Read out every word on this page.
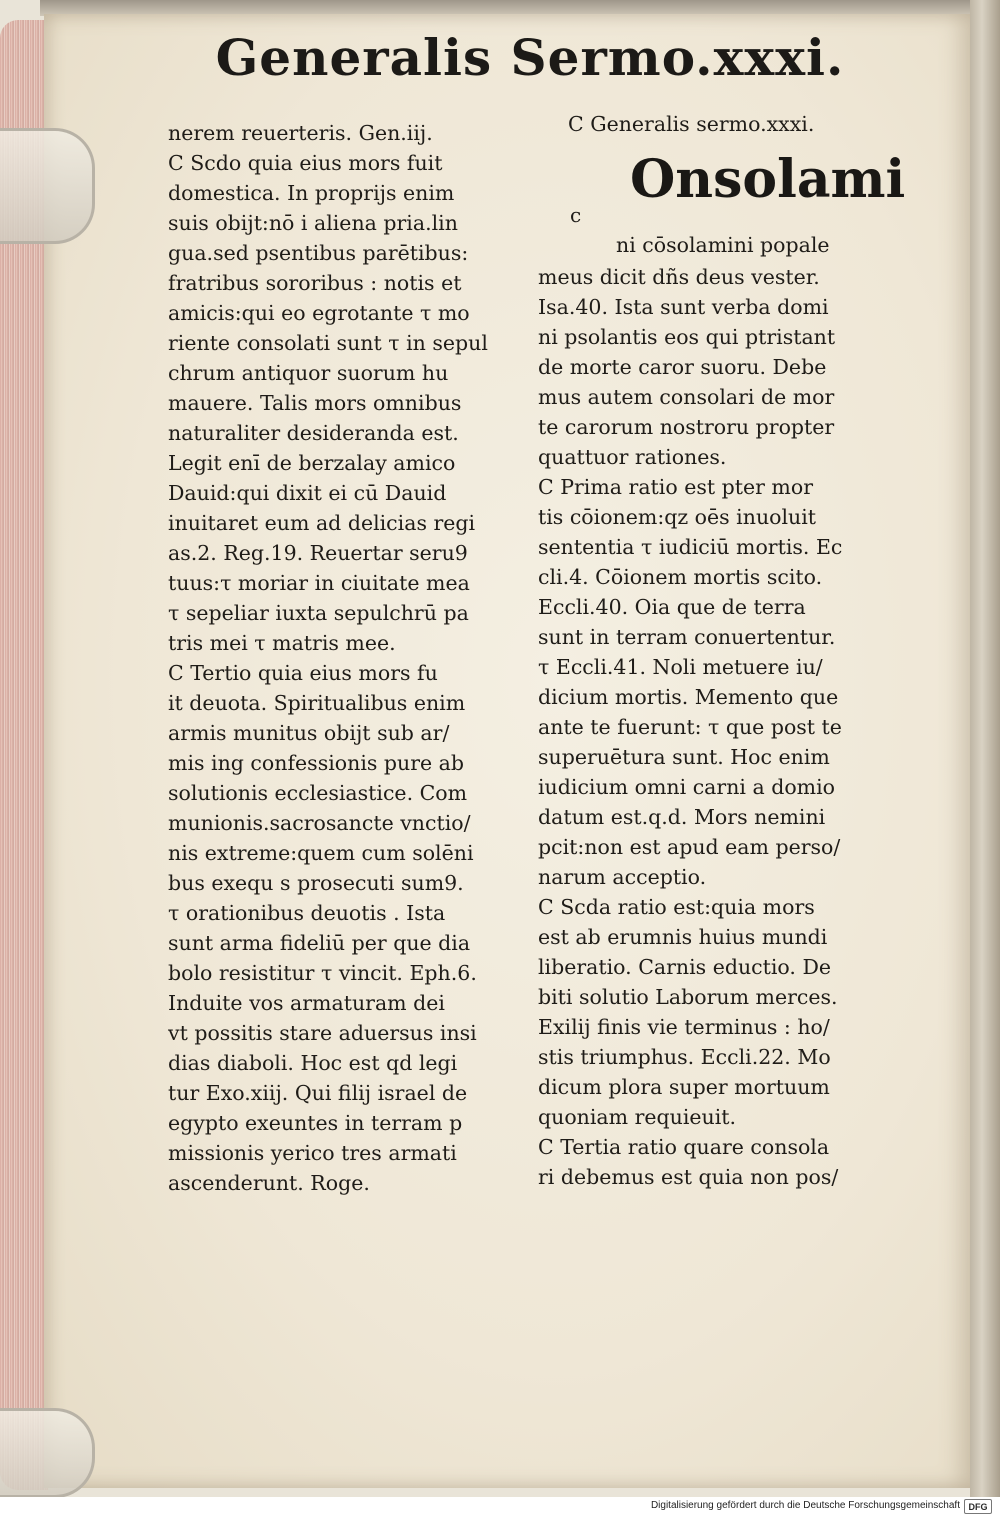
Generalis Sermo.xxxi.
nerem reuerteris. Gen.iij.
C Scdo quia eius mors fuit
domestica. In proprijs enim
suis obijt:nō i aliena pria.lin
gua.sed psentibus parētibus:
fratribus sororibus : notis et
amicis:qui eo egrotante τ mo
riente consolati sunt τ in sepul
chrum antiquor suorum hu
mauere. Talis mors omnibus
naturaliter desideranda est.
Legit enī de berzalay amico
Dauid:qui dixit ei cū Dauid
inuitaret eum ad delicias regi
as.2. Reg.19. Reuertar seru9
tuus:τ moriar in ciuitate mea
τ sepeliar iuxta sepulchrū pa
tris mei τ matris mee.
C Tertio quia eius mors fu
it deuota. Spiritualibus enim
armis munitus obijt sub ar/
mis ing confessionis pure ab
solutionis ecclesiastice. Com
munionis.sacrosancte vnctio/
nis extreme:quem cum solēni
bus exequ s prosecuti sum9.
τ orationibus deuotis . Ista
sunt arma fideliū per que dia
bolo resistitur τ vincit. Eph.6.
Induite vos armaturam dei
vt possitis stare aduersus insi
dias diaboli. Hoc est qd legi
tur Exo.xiij. Qui filij israel de
egypto exeuntes in terram p
missionis yerico tres armati
ascenderunt. Roge.
C Generalis sermo.xxxi.
c
Onsolami
ni cōsolamini popale
meus dicit dñs deus vester.
Isa.40. Ista sunt verba domi
ni psolantis eos qui ptristant
de morte caror suoru. Debe
mus autem consolari de mor
te carorum nostroru propter
quattuor rationes.
C Prima ratio est pter mor
tis cōionem:qz oēs inuoluit
sententia τ iudiciū mortis. Ec
cli.4. Cōionem mortis scito.
Eccli.40. Oia que de terra
sunt in terram conuertentur.
τ Eccli.41. Noli metuere iu/
dicium mortis. Memento que
ante te fuerunt: τ que post te
superuētura sunt. Hoc enim
iudicium omni carni a domio
datum est.q.d. Mors nemini
pcit:non est apud eam perso/
narum acceptio.
C Scda ratio est:quia mors
est ab erumnis huius mundi
liberatio. Carnis eductio. De
biti solutio Laborum merces.
Exilij finis vie terminus : ho/
stis triumphus. Eccli.22. Mo
dicum plora super mortuum
quoniam requieuit.
C Tertia ratio quare consola
ri debemus est quia non pos/
Digitalisierung gefördert durch die Deutsche Forschungsgemeinschaft DFG
